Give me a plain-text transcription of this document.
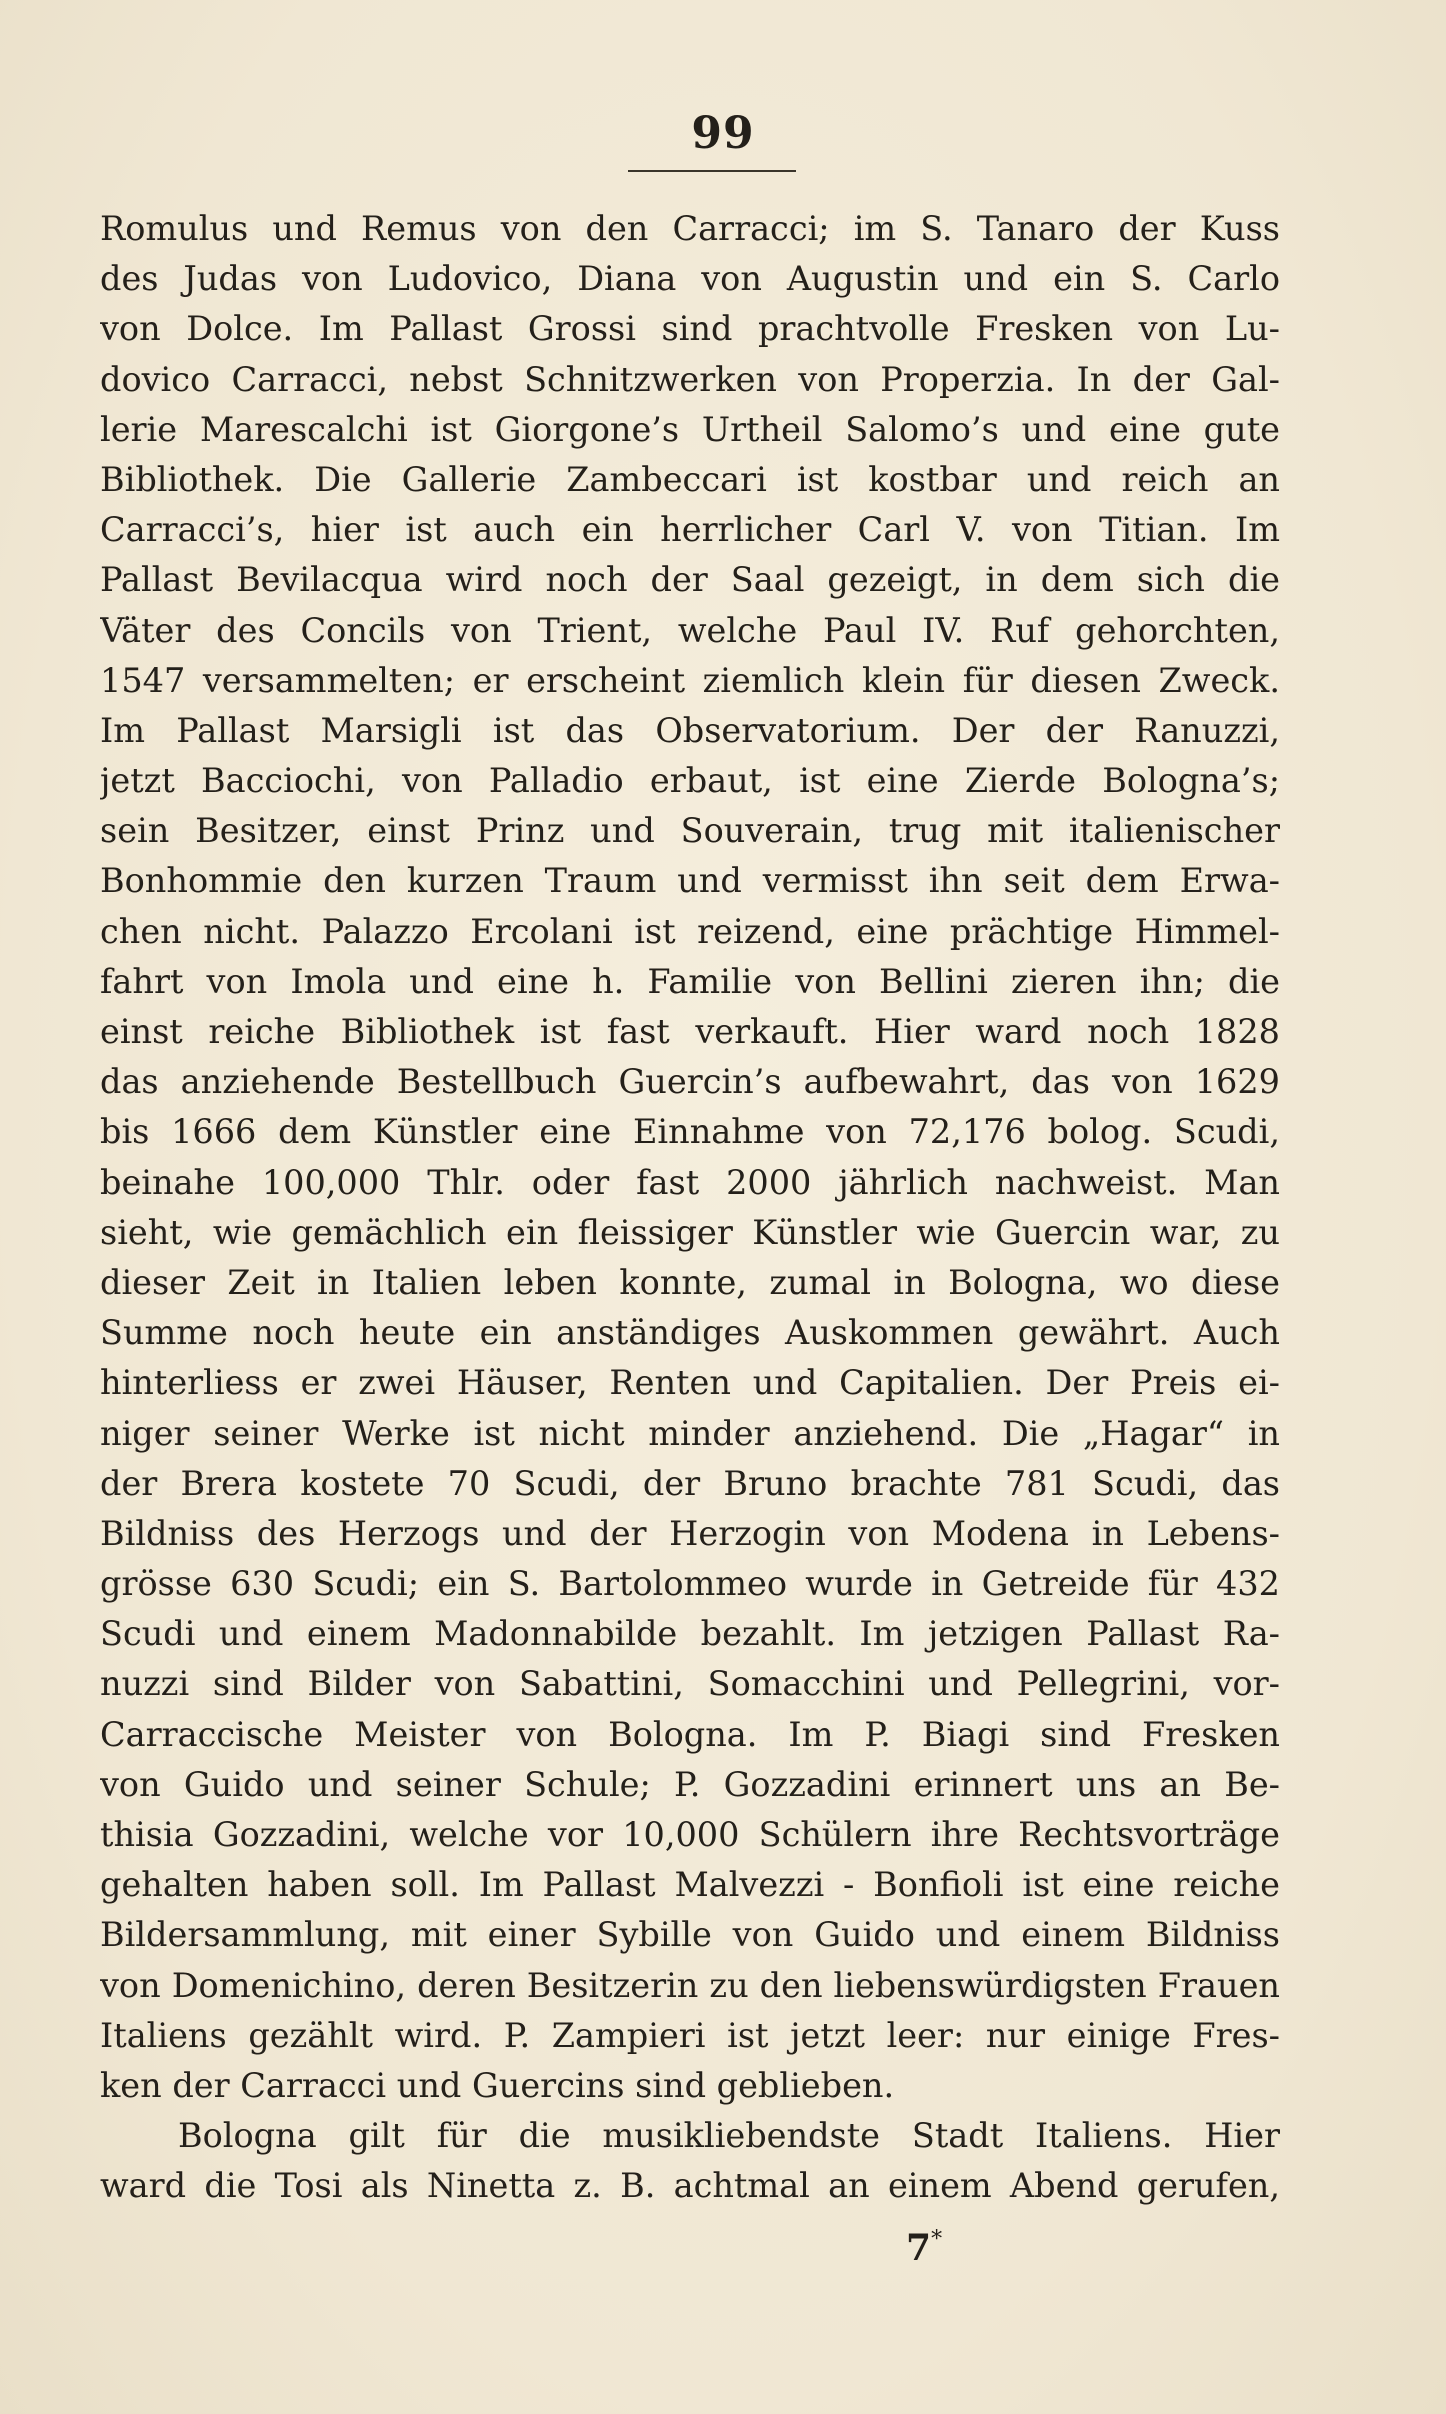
99
Romulus und Remus von den Carracci; im S. Tanaro der Kuss
des Judas von Ludovico, Diana von Augustin und ein S. Carlo
von Dolce. Im Pallast Grossi sind prachtvolle Fresken von Lu-
dovico Carracci, nebst Schnitzwerken von Properzia. In der Gal-
lerie Marescalchi ist Giorgone’s Urtheil Salomo’s und eine gute
Bibliothek. Die Gallerie Zambeccari ist kostbar und reich an
Carracci’s, hier ist auch ein herrlicher Carl V. von Titian. Im
Pallast Bevilacqua wird noch der Saal gezeigt, in dem sich die
Väter des Concils von Trient, welche Paul IV. Ruf gehorchten,
1547 versammelten; er erscheint ziemlich klein für diesen Zweck.
Im Pallast Marsigli ist das Observatorium. Der der Ranuzzi,
jetzt Bacciochi, von Palladio erbaut, ist eine Zierde Bologna’s;
sein Besitzer, einst Prinz und Souverain, trug mit italienischer
Bonhommie den kurzen Traum und vermisst ihn seit dem Erwa-
chen nicht. Palazzo Ercolani ist reizend, eine prächtige Himmel-
fahrt von Imola und eine h. Familie von Bellini zieren ihn; die
einst reiche Bibliothek ist fast verkauft. Hier ward noch 1828
das anziehende Bestellbuch Guercin’s aufbewahrt, das von 1629
bis 1666 dem Künstler eine Einnahme von 72,176 bolog. Scudi,
beinahe 100,000 Thlr. oder fast 2000 jährlich nachweist. Man
sieht, wie gemächlich ein fleissiger Künstler wie Guercin war, zu
dieser Zeit in Italien leben konnte, zumal in Bologna, wo diese
Summe noch heute ein anständiges Auskommen gewährt. Auch
hinterliess er zwei Häuser, Renten und Capitalien. Der Preis ei-
niger seiner Werke ist nicht minder anziehend. Die „Hagar“ in
der Brera kostete 70 Scudi, der Bruno brachte 781 Scudi, das
Bildniss des Herzogs und der Herzogin von Modena in Lebens-
grösse 630 Scudi; ein S. Bartolommeo wurde in Getreide für 432
Scudi und einem Madonnabilde bezahlt. Im jetzigen Pallast Ra-
nuzzi sind Bilder von Sabattini, Somacchini und Pellegrini, vor-
Carraccische Meister von Bologna. Im P. Biagi sind Fresken
von Guido und seiner Schule; P. Gozzadini erinnert uns an Be-
thisia Gozzadini, welche vor 10,000 Schülern ihre Rechtsvorträge
gehalten haben soll. Im Pallast Malvezzi - Bonfioli ist eine reiche
Bildersammlung, mit einer Sybille von Guido und einem Bildniss
von Domenichino, deren Besitzerin zu den liebenswürdigsten Frauen
Italiens gezählt wird. P. Zampieri ist jetzt leer: nur einige Fres-
ken der Carracci und Guercins sind geblieben.
Bologna gilt für die musikliebendste Stadt Italiens. Hier
ward die Tosi als Ninetta z. B. achtmal an einem Abend gerufen,
7*
